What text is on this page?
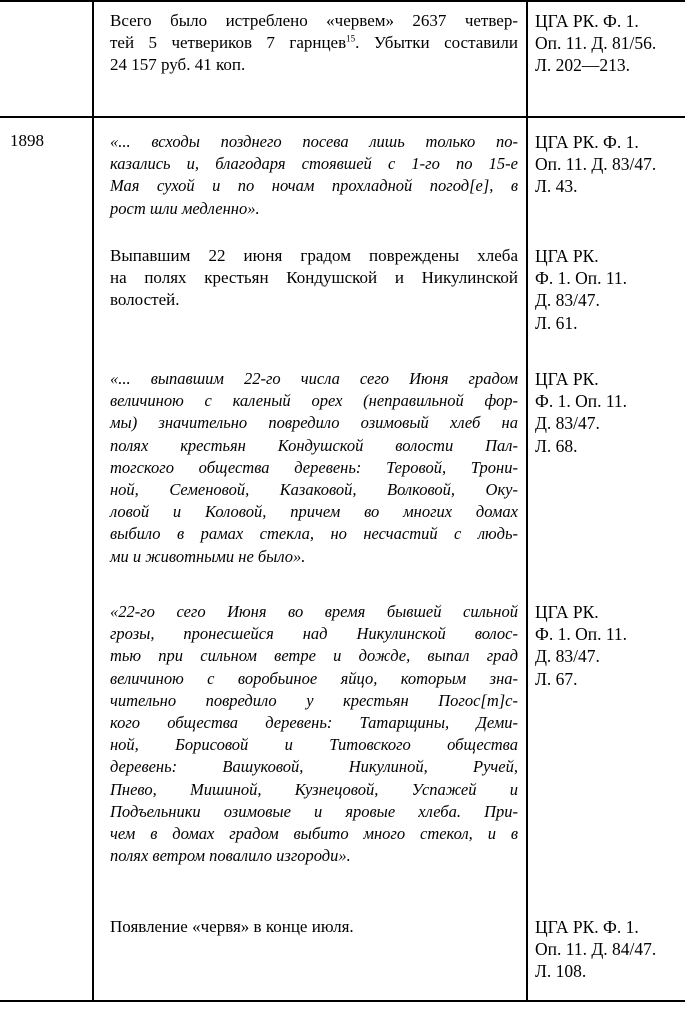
Всего было истреблено «червем» 2637 четвер-
тей 5 четвериков 7 гарнцев$^{15}$. Убытки составили
24 157 руб. 41 коп.
ЦГА РК. Ф. 1.
Оп. 11. Д. 81/56.
Л. 202—213.
1898	«... всходы позднего посева лишь только по-
казались и, благодаря стоявшей с 1-го по 15-е
Мая сухой и по ночам прохладной погод[е], в
рост шли медленно».
ЦГА РК. Ф. 1.
Оп. 11. Д. 83/47.
Л. 43.
Выпавшим 22 июня градом повреждены хлеба
на полях крестьян Кондушской и Никулинской
волостей.
ЦГА РК.
Ф. 1. Оп. 11.
Д. 83/47.
Л. 61.
«... выпавшим 22-го числа сего Июня градом
величиною с каленый орех (неправильной фор-
мы) значительно повредило озимовый хлеб на
полях крестьян Кондушской волости Пал-
тогского общества деревень: Теровой, Трони-
ной, Семеновой, Казаковой, Волковой, Оку-
ловой и Коловой, причем во многих домах
выбило в рамах стекла, но несчастий с людь-
ми и животными не было».
ЦГА РК.
Ф. 1. Оп. 11.
Д. 83/47.
Л. 68.
«22-го сего Июня во время бывшей сильной
грозы, пронесшейся над Никулинской волос-
тью при сильном ветре и дожде, выпал град
величиною с воробьиное яйцо, которым зна-
чительно повредило у крестьян Погос[т]с-
кого общества деревень: Татарщины, Деми-
ной, Борисовой и Титовского общества
деревень: Вашуковой, Никулиной, Ручей,
Пнево, Мишиной, Кузнецовой, Успажей и
Подъельники озимовые и яровые хлеба. При-
чем в домах градом выбито много стекол, и в
полях ветром повалило изгороди».
ЦГА РК.
Ф. 1. Оп. 11.
Д. 83/47.
Л. 67.
Появление «червя» в конце июля.	ЦГА РК. Ф. 1.
Оп. 11. Д. 84/47.
Л. 108.
